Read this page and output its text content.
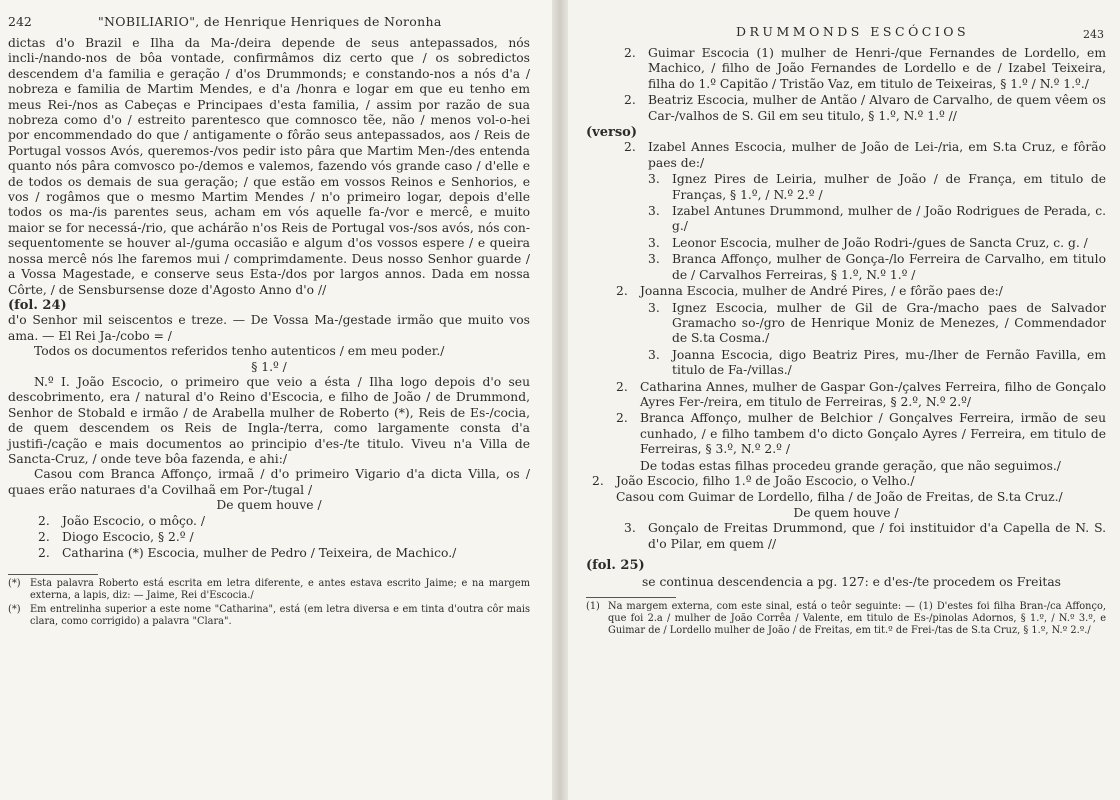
242	"NOBILIARIO", de Henrique Henriques de Noronha

dictas d'o Brazil e Ilha da Ma-/deira depende de seus antepassados, nós incli-/nando-nos de bôa vontade, confirmâmos diz certo que / os sobredictos descendem d'a familia e geração / d'os Drummonds; e constando-nos a nós d'a / nobreza e familia de Martim Mendes, e d'a /honra e logar em que eu tenho em meus Rei-/nos as Cabeças e Principaes d'esta familia, / assim por razão de sua nobreza como d'o / estreito parentesco que comnosco tẽe, não / menos vol-o-hei por encommendado do que / antigamente o fôrão seus antepassados, aos / Reis de Portugal vossos Avós, queremos-/vos pedir isto pâra que Martim Men-/des entenda quanto nós pâra comvosco po-/demos e valemos, fazendo vós grande caso / d'elle e de todos os demais de sua geração; / que estão em vossos Reinos e Senhorios, e vos / rogâmos que o mesmo Martim Mendes / n'o primeiro logar, depois d'elle todos os ma-/is parentes seus, acham em vós aquelle fa-/vor e mercê, e muito maior se for necessá-/rio, que achárão n'os Reis de Portugal vos-/sos avós, nós con-sequentomente se houver al-/guma occasião e algum d'os vossos espere / e queira nossa mercê nós lhe faremos mui / comprimdamente. Deus nosso Senhor guarde / a Vossa Magestade, e conserve seus Esta-/dos por largos annos. Dada em nossa Côrte, / de Sensbursense doze d'Agosto Anno d'o //

(fol. 24)

d'o Senhor mil seiscentos e treze. — De Vossa Ma-/gestade irmão que muito vos ama. — El Rei Ja-/cobo = /

Todos os documentos referidos tenho autenticos / em meu poder./

§ 1.º /

N.º I. João Escocio, o primeiro que veio a ésta / Ilha logo depois d'o seu descobrimento, era / natural d'o Reino d'Escocia, e filho de João / de Drummond, Senhor de Stobald e irmão / de Arabella mulher de Roberto (*), Reis de Es-/cocia, de quem descendem os Reis de Ingla-/terra, como largamente consta d'a justifi-/cação e mais documentos ao principio d'es-/te titulo. Viveu n'a Villa de Sancta-Cruz, / onde teve bôa fazenda, e ahi:/

Casou com Branca Affonço, irmaã / d'o primeiro Vigario d'a dicta Villa, os / quaes erão naturaes d'a Covilhaã em Por-/tugal /

De quem houve /

2. João Escocio, o môço. /
2. Diogo Escocio, § 2.º /
2. Catharina (*) Escocia, mulher de Pedro / Teixeira, de Machico./
(*) Esta palavra Roberto está escrita em letra diferente, e antes estava escrito Jaime; e na margem externa, a lapis, diz: — Jaime, Rei d'Escocia./
(*) Em entrelinha superior a este nome "Catharina", está (em letra diversa e em tinta d'outra côr mais clara, como corrigido) a palavra "Clara".
DRUMMONDS ESCÓCIOS	243
2. Guimar Escocia (1) mulher de Henri-/que Fernandes de Lordello, em Machico, / filho de João Fernandes de Lordello e de / Izabel Teixeira, filha do 1.º Capitão / Tristão Vaz, em titulo de Teixeiras, § 1.º / N.º 1.º./
2. Beatriz Escocia, mulher de Antão / Alvaro de Carvalho, de quem vêem os Car-/valhos de S. Gil em seu titulo, § 1.º, N.º 1.º //

(verso)

2. Izabel Annes Escocia, mulher de João de Lei-/ria, em S.ta Cruz, e fôrão paes de:/
3. Ignez Pires de Leiria, mulher de João / de França, em titulo de Franças, § 1.º, / N.º 2.º /
3. Izabel Antunes Drummond, mulher de / João Rodrigues de Perada, c. g./
3. Leonor Escocia, mulher de João Rodri-/gues de Sancta Cruz, c. g. /
3. Branca Affonço, mulher de Gonça-/lo Ferreira de Carvalho, em titulo de / Carvalhos Ferreiras, § 1.º, N.º 1.º /
2. Joanna Escocia, mulher de André Pires, / e fôrão paes de:/
3. Ignez Escocia, mulher de Gil de Gra-/macho paes de Salvador Gramacho so-/gro de Henrique Moniz de Menezes, / Commendador de S.ta Cosma./
3. Joanna Escocia, digo Beatriz Pires, mu-/lher de Fernão Favilla, em titulo de Fa-/villas./
2. Catharina Annes, mulher de Gaspar Gon-/çalves Ferreira, filho de Gonçalo Ayres Fer-/reira, em titulo de Ferreiras, § 2.º, N.º 2.º/
2. Branca Affonço, mulher de Belchior / Gonçalves Ferreira, irmão de seu cunhado, / e filho tambem d'o dicto Gonçalo Ayres / Ferreira, em titulo de Ferreiras, § 3.º, N.º 2.º /

De todas estas filhas procedeu grande geração, que não seguimos./

2. João Escocio, filho 1.º de João Escocio, o Velho./

Casou com Guimar de Lordello, filha / de João de Freitas, de S.ta Cruz./

De quem houve /

3. Gonçalo de Freitas Drummond, que / foi instituidor d'a Capella de N. S. d'o Pilar, em quem //

(fol. 25)

se continua descendencia a pg. 127: e d'es-/te procedem os Freitas

(1) Na margem externa, com este sinal, está o teôr seguinte: — (1) D'estes foi filha Bran-/ca Affonço, que foi 2.a / mulher de João Corrêa / Valente, em titulo de Es-/pinolas Adornos, § 1.º, / N.º 3.º, e Guimar de / Lordello mulher de João / de Freitas, em tit.º de Frei-/tas de S.ta Cruz, § 1.º, N.º 2.º./
